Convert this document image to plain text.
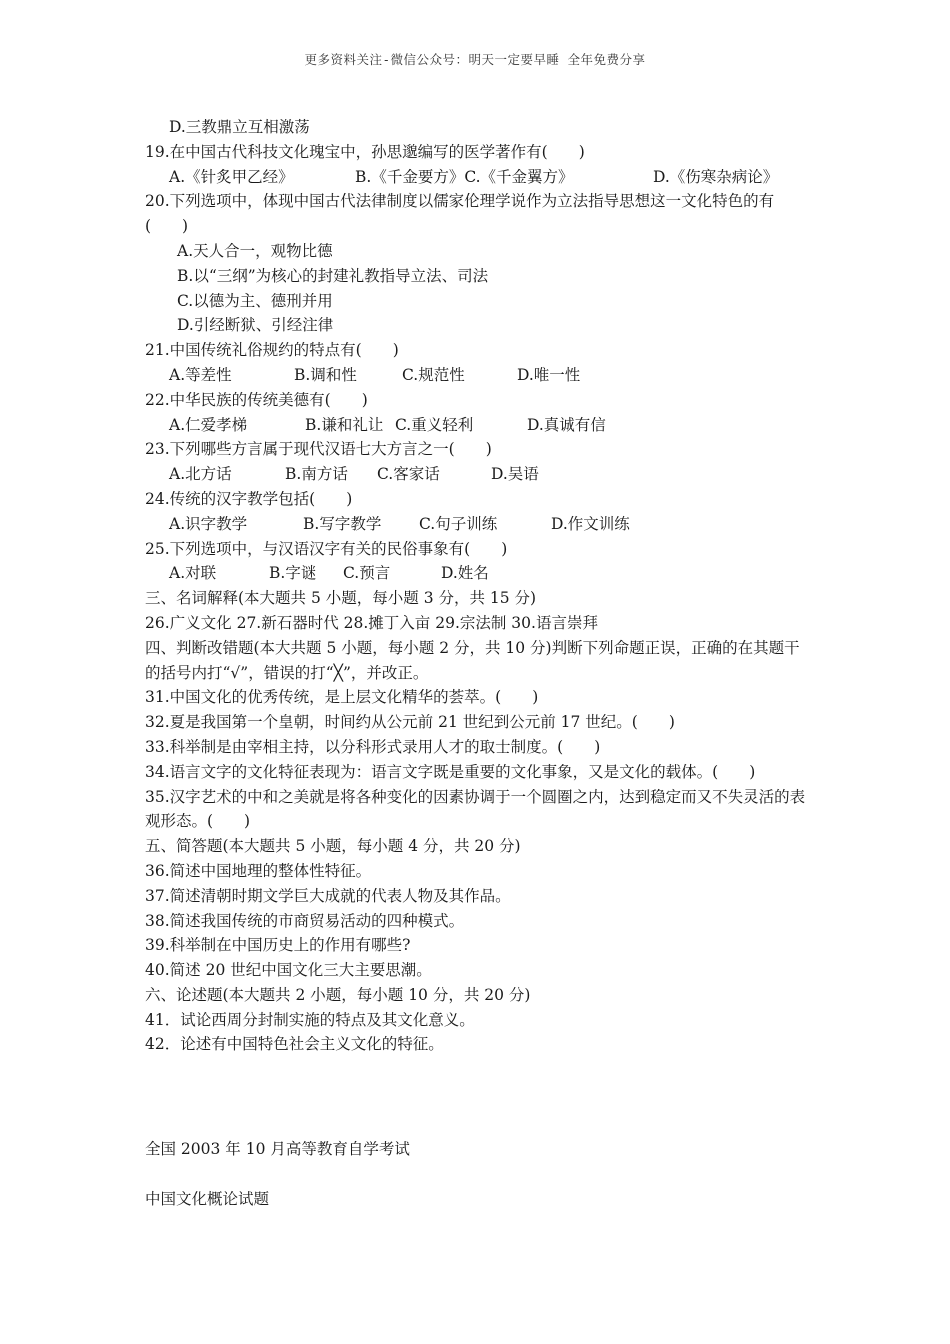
更多资料关注-微信公众号：明天一定要早睡 全年免费分享
D.三教鼎立互相激荡
19.在中国古代科技文化瑰宝中，孙思邈编写的医学著作有(　　)
A.《针炙甲乙经》	B.《千金要方》C.《千金翼方》	D.《伤寒杂病论》
20.下列选项中，体现中国古代法律制度以儒家伦理学说作为立法指导思想这一文化特色的有(　　)
A.天人合一，观物比德
B.以“三纲”为核心的封建礼教指导立法、司法
C.以德为主、德刑并用
D.引经断狱、引经注律
21.中国传统礼俗规约的特点有(　　)
A.等差性	B.调和性	C.规范性	D.唯一性
22.中华民族的传统美德有(　　)
A.仁爱孝梯	B.谦和礼让 C.重义轻利	D.真诚有信
23.下列哪些方言属于现代汉语七大方言之一(　　)
A.北方话	B.南方话	C.客家话	D.吴语
24.传统的汉字教学包括(　　)
A.识字教学	B.写字教学	C.句子训练	D.作文训练
25.下列选项中，与汉语汉字有关的民俗事象有(　　)
A.对联	B.字谜	C.预言	D.姓名
三、名词解释(本大题共 5 小题，每小题 3 分，共 15 分)
26.广义文化 27.新石器时代 28.摊丁入亩 29.宗法制 30.语言崇拜
四、判断改错题(本大共题 5 小题，每小题 2 分，共 10 分)判断下列命题正误，正确的在其题干的括号内打“√”，错误的打“╳”，并改正。
31.中国文化的优秀传统，是上层文化精华的荟萃。(　　)
32.夏是我国第一个皇朝，时间约从公元前 21 世纪到公元前 17 世纪。(　　)
33.科举制是由宰相主持，以分科形式录用人才的取士制度。(　　)
34.语言文字的文化特征表现为：语言文字既是重要的文化事象，又是文化的载体。(　　)
35.汉字艺术的中和之美就是将各种变化的因素协调于一个圆圈之内，达到稳定而又不失灵活的表观形态。(　　)
五、简答题(本大题共 5 小题，每小题 4 分，共 20 分)
36.简述中国地理的整体性特征。
37.简述清朝时期文学巨大成就的代表人物及其作品。
38.简述我国传统的市商贸易活动的四种模式。
39.科举制在中国历史上的作用有哪些?
40.简述 20 世纪中国文化三大主要思潮。
六、论述题(本大题共 2 小题，每小题 10 分，共 20 分)
41．试论西周分封制实施的特点及其文化意义。
42．论述有中国特色社会主义文化的特征。
全国 2003 年 10 月高等教育自学考试
中国文化概论试题
